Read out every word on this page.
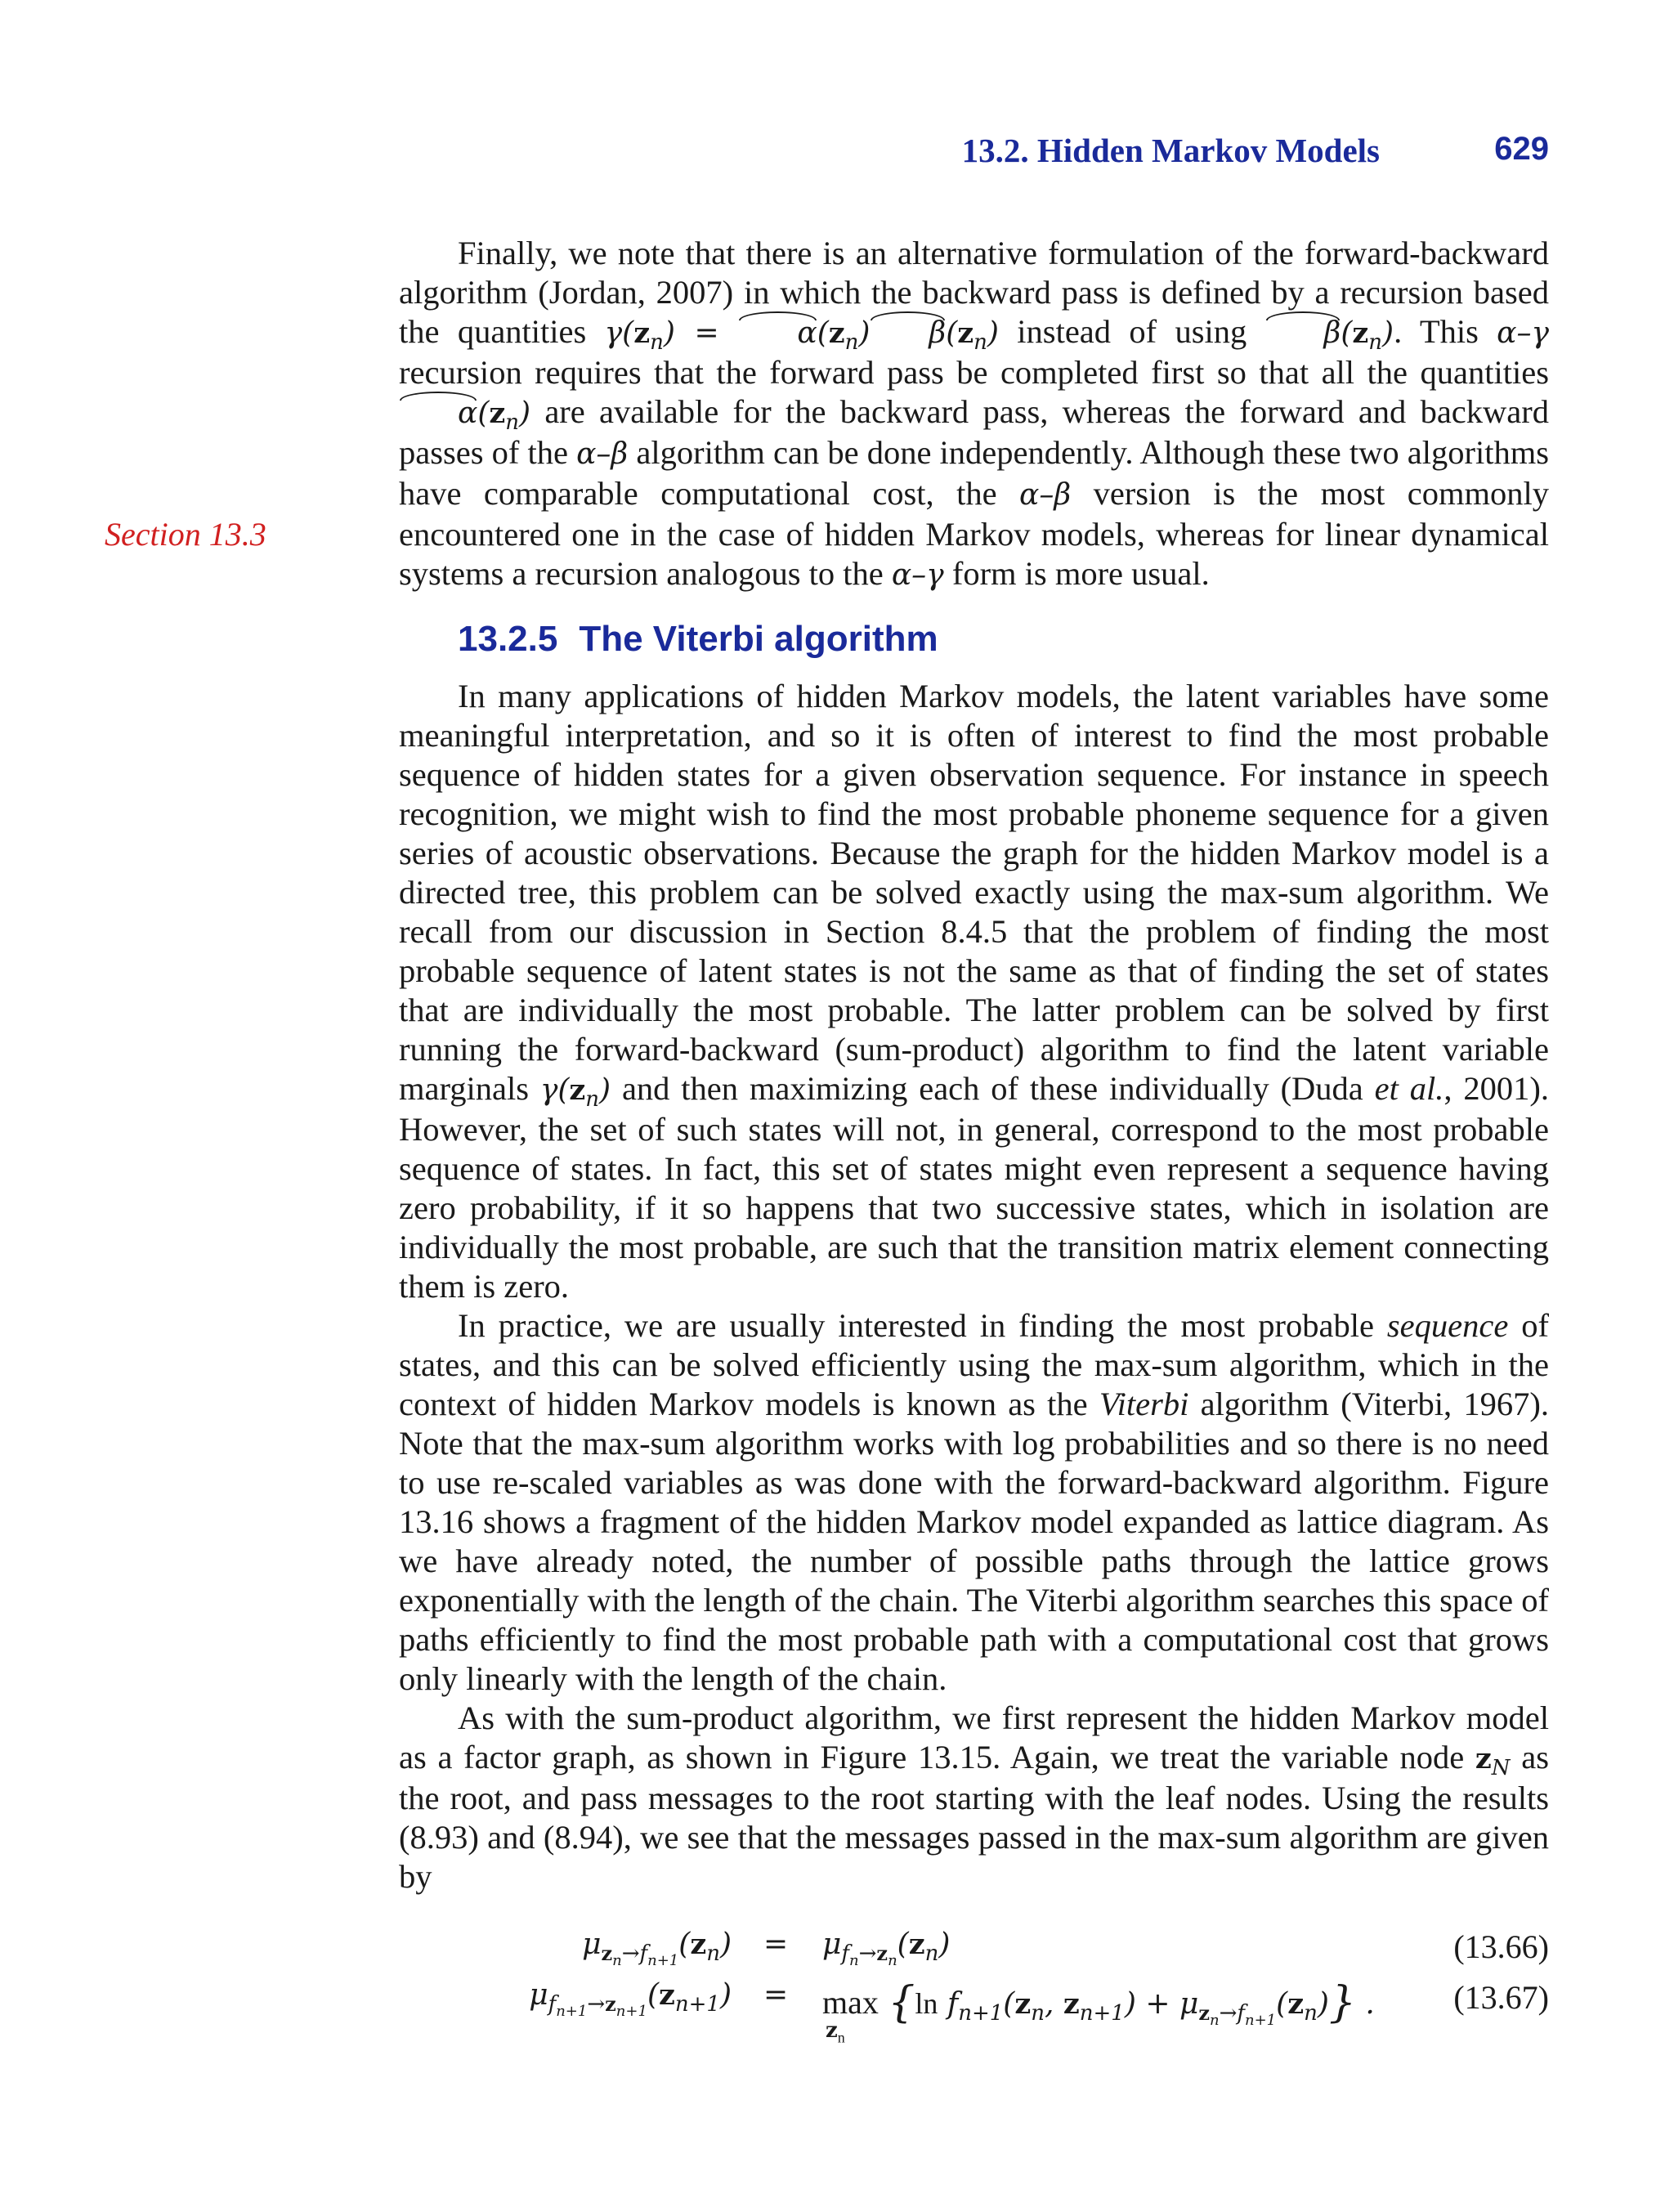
13.2. Hidden Markov Models	629
Section 13.3

Finally, we note that there is an alternative formulation of the forward-backward algorithm (Jordan, 2007) in which the backward pass is defined by a recursion based the quantities $\gamma(z_n) = \alpha(z_n)$ $\beta(z_n)$ instead of using $\beta(z_n)$. This α–γ recursion requires that the forward pass be completed first so that all the quantities $\alpha(z_n)$ are available for the backward pass, whereas the forward and backward passes of the α–β algorithm can be done independently. Although these two algorithms have comparable computational cost, the α–β version is the most commonly encountered one in the case of hidden Markov models, whereas for linear dynamical systems a recursion analogous to the α–γ form is more usual.

13.2.5 The Viterbi algorithm

In many applications of hidden Markov models, the latent variables have some meaningful interpretation, and so it is often of interest to find the most probable sequence of hidden states for a given observation sequence. For instance in speech recognition, we might wish to find the most probable phoneme sequence for a given series of acoustic observations. Because the graph for the hidden Markov model is a directed tree, this problem can be solved exactly using the max-sum algorithm. We recall from our discussion in Section 8.4.5 that the problem of finding the most probable sequence of latent states is not the same as that of finding the set of states that are individually the most probable. The latter problem can be solved by first running the forward-backward (sum-product) algorithm to find the latent variable marginals $\gamma(z_n)$ and then maximizing each of these individually (Duda et al., 2001). However, the set of such states will not, in general, correspond to the most probable sequence of states. In fact, this set of states might even represent a sequence having zero probability, if it so happens that two successive states, which in isolation are individually the most probable, are such that the transition matrix element connecting them is zero.

In practice, we are usually interested in finding the most probable sequence of states, and this can be solved efficiently using the max-sum algorithm, which in the context of hidden Markov models is known as the Viterbi algorithm (Viterbi, 1967). Note that the max-sum algorithm works with log probabilities and so there is no need to use re-scaled variables as was done with the forward-backward algorithm. Figure 13.16 shows a fragment of the hidden Markov model expanded as lattice diagram. As we have already noted, the number of possible paths through the lattice grows exponentially with the length of the chain. The Viterbi algorithm searches this space of paths efficiently to find the most probable path with a computational cost that grows only linearly with the length of the chain.

As with the sum-product algorithm, we first represent the hidden Markov model as a factor graph, as shown in Figure 13.15. Again, we treat the variable node $z_N$ as the root, and pass messages to the root starting with the leaf nodes. Using the results (8.93) and (8.94), we see that the messages passed in the max-sum algorithm are given by

$\mu_{z_n\to f_{n+1}}(z_n) = \mu_{f_n\to z_n}(z_n)$	(13.66)
$\mu_{f_{n+1}\to z_{n+1}}(z_{n+1}) = \max$
$z_n$
{ln $f_{n+1}(z_n$, $z_{n+1}) + \mu_{z_n\to f_{n+1}}(z_n)$} . (13.67)
